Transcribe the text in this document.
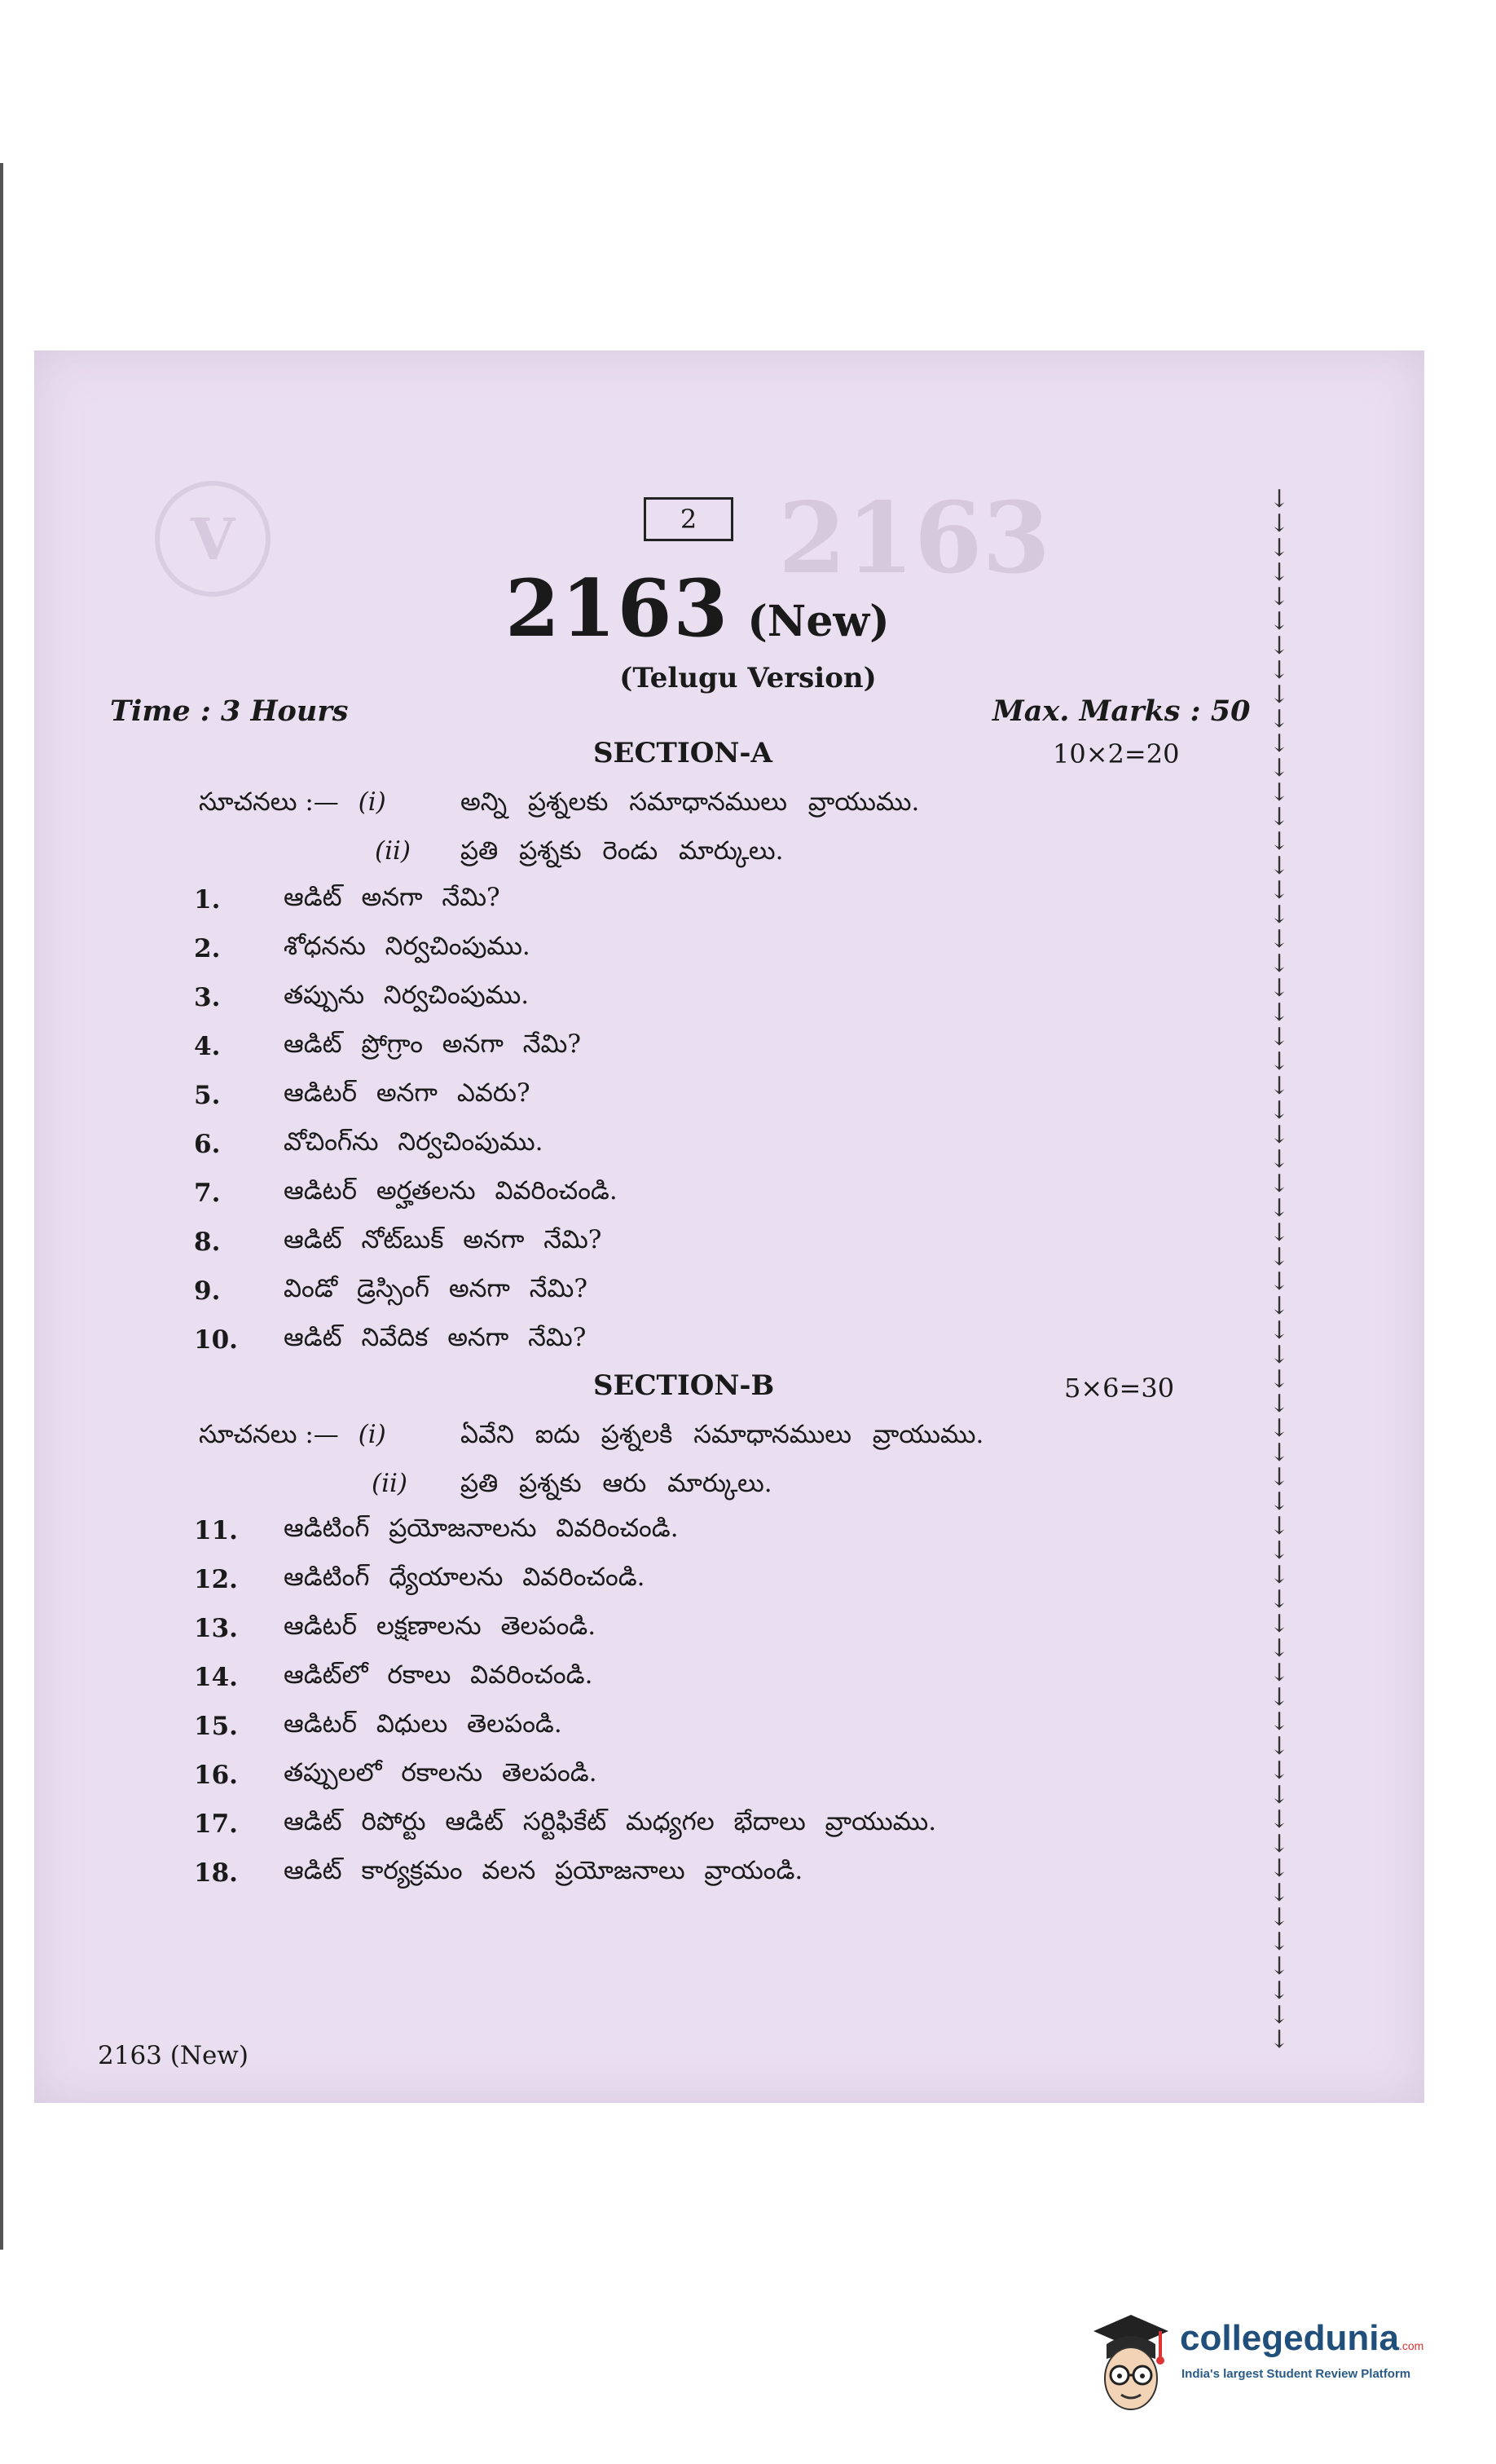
2163
V	2
2163 (New)
(Telugu Version)
Time : 3 Hours	Max. Marks : 50
SECTION-A	10×2=20
సూచనలు :— (i)	అన్ని ప్రశ్నలకు సమాధానములు వ్రాయుము.
(ii) ప్రతి ప్రశ్నకు రెండు మార్కులు.
1.	ఆడిట్ అనగా నేమి?
2.	శోధనను నిర్వచింపుము.
3.	తప్పును నిర్వచింపుము.
4.	ఆడిట్ ప్రోగ్రాం అనగా నేమి?
5.	ఆడిటర్ అనగా ఎవరు?
6.	వోచింగ్‌ను నిర్వచింపుము.
7.	ఆడిటర్ అర్హతలను వివరించండి.
8.	ఆడిట్ నోట్‌బుక్ అనగా నేమి?
9.	విండో డ్రెస్సింగ్ అనగా నేమి?
10.	ఆడిట్ నివేదిక అనగా నేమి?
SECTION-B	5×6=30
సూచనలు :— (i)	ఏవేని ఐదు ప్రశ్నలకి సమాధానములు వ్రాయుము.
(ii) ప్రతి ప్రశ్నకు ఆరు మార్కులు.
11.	ఆడిటింగ్ ప్రయోజనాలను వివరించండి.
12.	ఆడిటింగ్ ధ్యేయాలను వివరించండి.
13.	ఆడిటర్ లక్షణాలను తెలపండి.
14.	ఆడిట్‌లో రకాలు వివరించండి.
15.	ఆడిటర్ విధులు తెలపండి.
16.	తప్పులలో రకాలను తెలపండి.
17.	ఆడిట్ రిపోర్టు ఆడిట్ సర్టిఫికేట్ మధ్యగల భేదాలు వ్రాయుము.
18.	ఆడిట్ కార్యక్రమం వలన ప్రయోజనాలు వ్రాయండి.
↓
↓
↓
↓
↓
↓
↓
↓
↓
↓
↓
↓
↓
↓
↓
↓
↓
↓
↓
↓
↓
↓
↓
↓
↓
↓
↓
↓
↓
↓
↓
↓
↓
↓
↓
↓
↓
↓
↓
↓
↓
↓
↓
↓
↓
↓
↓
↓
↓
↓
↓
↓
↓
↓
↓
↓
↓
↓
↓
↓
↓
↓
↓
↓
2163 (New)
collegedunia.com
India's largest Student Review Platform
